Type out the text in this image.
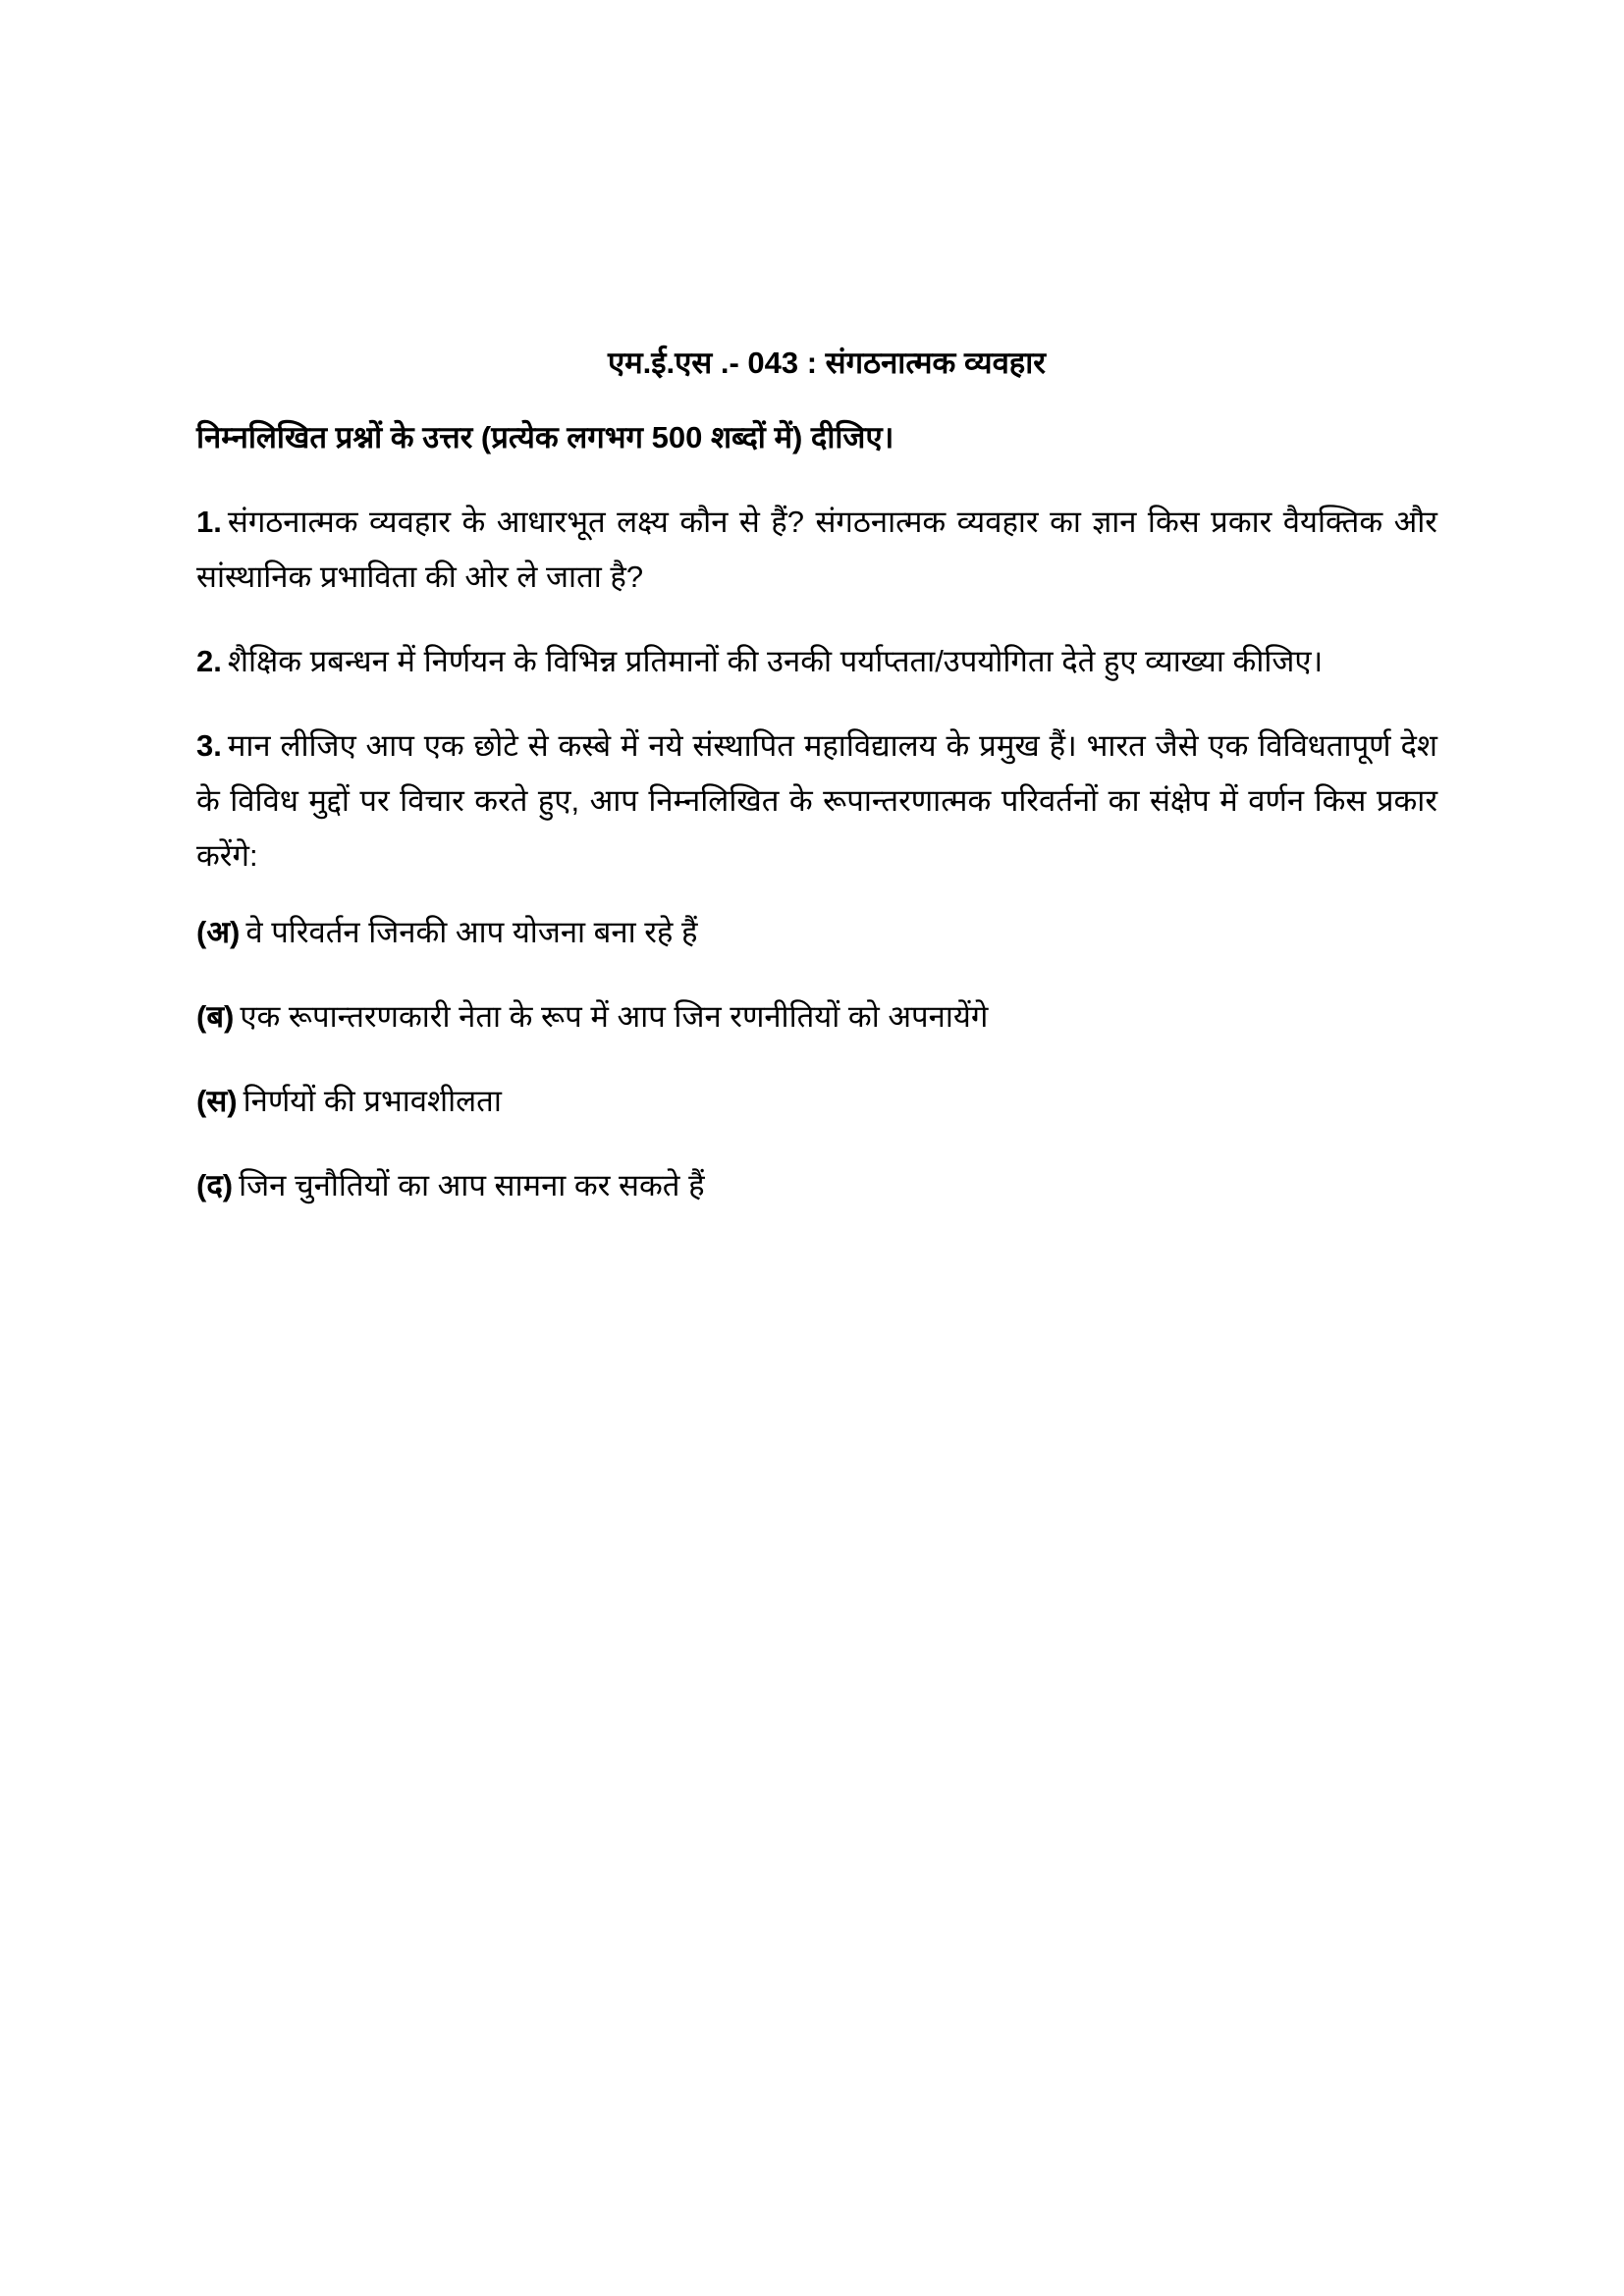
एम.ई.एस .- 043 : संगठनात्मक व्यवहार
निम्नलिखित प्रश्नों के उत्तर (प्रत्येक लगभग 500 शब्दों में) दीजिए।
1. संगठनात्मक व्यवहार के आधारभूत लक्ष्य कौन से हैं? संगठनात्मक व्यवहार का ज्ञान किस प्रकार वैयक्तिक और सांस्थानिक प्रभाविता की ओर ले जाता है?
2. शैक्षिक प्रबन्धन में निर्णयन के विभिन्न प्रतिमानों की उनकी पर्याप्तता/उपयोगिता देते हुए व्याख्या कीजिए।
3. मान लीजिए आप एक छोटे से कस्बे में नये संस्थापित महाविद्यालय के प्रमुख हैं। भारत जैसे एक विविधतापूर्ण देश के विविध मुद्दों पर विचार करते हुए, आप निम्नलिखित के रूपान्तरणात्मक परिवर्तनों का संक्षेप में वर्णन किस प्रकार करेंगे:
(अ) वे परिवर्तन जिनकी आप योजना बना रहे हैं
(ब) एक रूपान्तरणकारी नेता के रूप में आप जिन रणनीतियों को अपनायेंगे
(स) निर्णयों की प्रभावशीलता
(द) जिन चुनौतियों का आप सामना कर सकते हैं
